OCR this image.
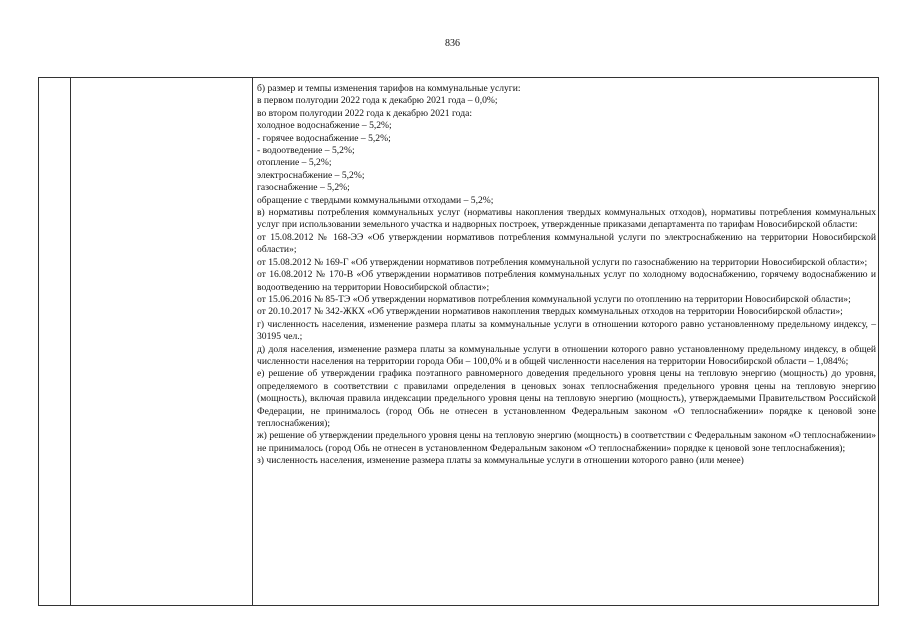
836
б) размер и темпы изменения тарифов на коммунальные услуги:
в первом полугодии 2022 года к декабрю 2021 года – 0,0%;
во втором полугодии 2022 года к декабрю 2021 года:
холодное водоснабжение – 5,2%;
- горячее водоснабжение – 5,2%;
- водоотведение – 5,2%;
отопление – 5,2%;
электроснабжение – 5,2%;
газоснабжение – 5,2%;
обращение с твердыми коммунальными отходами – 5,2%;
в) нормативы потребления коммунальных услуг (нормативы накопления твердых коммунальных отходов), нормативы потребления коммунальных услуг при использовании земельного участка и надворных построек, утвержденные приказами департамента по тарифам Новосибирской области:
от 15.08.2012 № 168-ЭЭ «Об утверждении нормативов потребления коммунальной услуги по электроснабжению на территории Новосибирской области»;
от 15.08.2012 № 169-Г «Об утверждении нормативов потребления коммунальной услуги по газоснабжению на территории Новосибирской области»;
от 16.08.2012 № 170-В «Об утверждении нормативов потребления коммунальных услуг по холодному водоснабжению, горячему водоснабжению и водоотведению на территории Новосибирской области»;
от 15.06.2016 № 85-ТЭ «Об утверждении нормативов потребления коммунальной услуги по отоплению на территории Новосибирской области»;
от 20.10.2017 № 342-ЖКХ «Об утверждении нормативов накопления твердых коммунальных отходов на территории Новосибирской области»;
г) численность населения, изменение размера платы за коммунальные услуги в отношении которого равно установленному предельному индексу, – 30195 чел.;
д) доля населения, изменение размера платы за коммунальные услуги в отношении которого равно установленному предельному индексу, в общей численности населения на территории города Оби – 100,0% и в общей численности населения на территории Новосибирской области – 1,084%;
е) решение об утверждении графика поэтапного равномерного доведения предельного уровня цены на тепловую энергию (мощность) до уровня, определяемого в соответствии с правилами определения в ценовых зонах теплоснабжения предельного уровня цены на тепловую энергию (мощность), включая правила индексации предельного уровня цены на тепловую энергию (мощность), утверждаемыми Правительством Российской Федерации, не принималось (город Обь не отнесен в установленном Федеральным законом «О теплоснабжении» порядке к ценовой зоне теплоснабжения);
ж) решение об утверждении предельного уровня цены на тепловую энергию (мощность) в соответствии с Федеральным законом «О теплоснабжении» не принималось (город Обь не отнесен в установленном Федеральным законом «О теплоснабжении» порядке к ценовой зоне теплоснабжения);
з) численность населения, изменение размера платы за коммунальные услуги в отношении которого равно (или менее)
